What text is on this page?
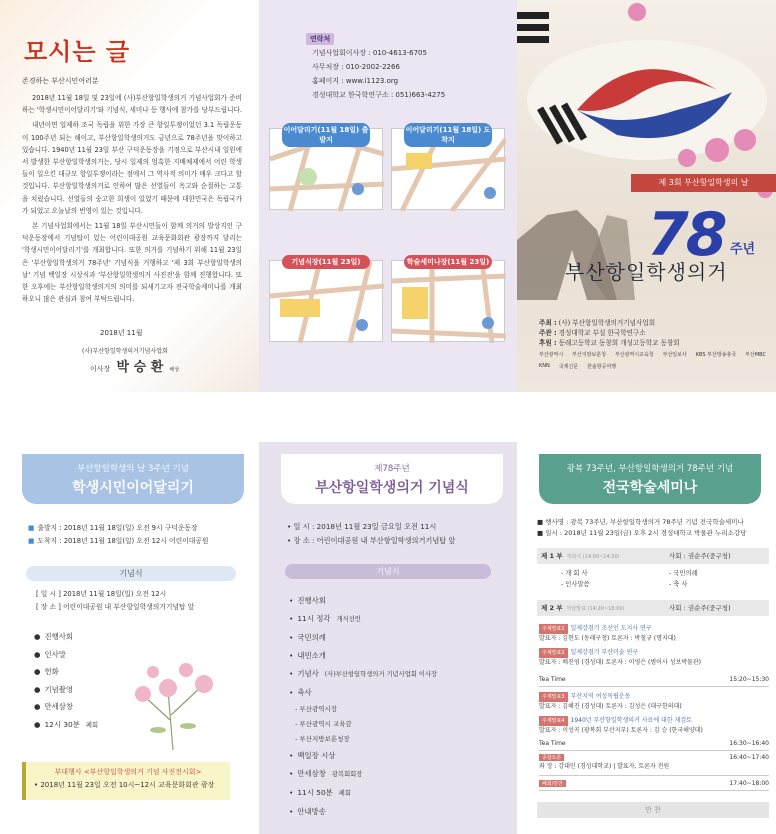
모시는 글
존경하는 부산시민여러분

2018년 11월 18일 및 23일에 (사)부산항일학생의거 기념사업회가 준비하는 '학생시민이어달리기'와 기념식, 세미나 등 행사에 참가를 당부드립니다.

내년이면 일제하 조국 독립을 위한 가장 큰 항일투쟁이었던 3.1 독립운동이 100주년 되는 해이고, 부산항일학생의거도 금년으로 78주년을 맞이하고 있습니다. 1940년 11월 23일 부산 구덕운동장을 기점으로 부산시내 일원에서 발생한 부산항일학생의거는, 당시 일제의 엄혹한 지배체제에서 어린 학생들이 일으킨 대규모 항일투쟁이라는 점에서 그 역사적 의미가 매우 크다고 할 것입니다. 부산항일학생의거로 인하여 많은 선열들이 옥고와 순절하는 고통을 치렀습니다. 선열들의 숭고한 희생이 있었기 때문에 대한민국은 독립국가가 되었고 오늘날의 번영이 있는 것입니다.

본 기념사업회에서는 11월 18일 부산시민들이 함께 의거의 발상지인 구덕운동장에서 기념탑이 있는 어린이대공원 교육문화회관 광장까지 달리는 '학생시민이어달리기'를 개최합니다. 또한 의거를 기념하기 위해 11월 23일은 '부산항일학생의거 78주년' 기념식을 거행하고 '제 3회 부산항일학생의 날' 기념 백일장 시상식과 '부산항일학생의거 사진전'을 함께 진행합니다. 또한 오후에는 부산항일학생의거의 의미를 되새기고자 전국학술세미나를 개최하오니 많은 관심과 참여 부탁드립니다.

2018년 11월
(사)부산항일학생의거기념사업회
이사장 박 승 환 배상
연락처
기념사업회이사장 : 010-4613-6705
사무처장 : 010-2002-2266
홈페이지 : www.i1123.org
경성대학교 한국학연구소 : 051)663-4275
이어달리기(11월 18일) 출발지
이어달리기(11월 18일) 도착지
기념식장(11월 23일)	학술세미나장(11월 23일)
제 3회 부산항일학생의 날
78 주년
부산항일학생의거
주최 : (사) 부산항일학생의거기념사업회
주관 : 경성대학교 부설 한국학연구소
후원 : 동래고등학교 동창회 개성고등학교 동창회
부산광역시	부산지방보훈청	부산광역시교육청	부산일보사	KBS 부산방송총국	부산MBC
KNN	국제신문	한솔항공여행
부산항일학생의 날 3주년 기념
학생시민이어달리기
■ 출발지 : 2018년 11월 18일(일) 오전 9시 구덕운동장
■ 도착지 : 2018년 11월 18일(일) 오전 12시 어린이대공원
기념식
[ 일 시 ] 2018년 11월 18일(일) 오전 12시
[ 장 소 ] 어린이대공원 내 부산항일학생의거기념탑 앞
● 진행사회
● 인사말
● 헌화
● 기념촬영
● 만세삼창
● 12시 30분 폐회
부대행사 <부산항일학생의거 기념 사진전시회>
• 2018년 11월 23일 오전 10시~12시 교육문화회관 광장
제78주년
부산항일학생의거 기념식
• 일 시 : 2018년 11월 23일 금요일 오전 11시
• 장 소 : 어린이대공원 내 부산항일학생의거기념탑 앞
기념식
• 진행사회
• 11시 정각 개식선언
• 국민의례
• 내빈소개
• 기념사 (사)부산항일학생의거 기념사업회 이사장
• 축사
- 부산광역시장
- 부산광역시 교육감
- 부산지방보훈청장
• 백일장 시상
• 만세삼창 광복회회장
• 11시 50분 폐회
• 안내방송
광복 73주년, 부산항일학생의거 78주년 기념
전국학술세미나
■ 행사명 : 광복 73주년, 부산항일학생의거 78주년 기념 전국학술세미나
■ 일시 : 2018년 11월 23일(금) 오후 2시 경성대학교 박물관 누리소강당
제 1 부 개회식 (14:00~14:20)	사회 : 권순주(중구청)
- 개 회 사
- 인사말씀
- 국민의례
- 축 사
제 2 부 학술발표 (14:20~18:00)	사회 : 권순주(중구청)
주제발표1 일제강점기 조선인 도지사 연구
발표자 : 김현도 (동래구청) 토론자 : 박철규 (명지대)
주제발표2 일제강점기 부산미술 연구
발표자 : 배진영 (경성대) 토론자 : 이영은 (범어사 성보박물관)
Tea Time	15:20~15:30
주제발표3 부산지역 여성독립운동
발표자 : 김혜진 (경성대) 토론자 : 김성은 (대구한의대)
주제발표4 1940년 부산항일학생의거 사료에 대한 재검토
발표자 : 이성곡 (광복회 부산지부) 토론자 : 김 승 (한국해양대)
Tea Time	16:30~16:40
종합토론	16:40~17:40
좌 장 : 강대민 (경성대학교) | 발표자, 토론자 전원
폐회/만찬	17:40~18:00
만 찬
